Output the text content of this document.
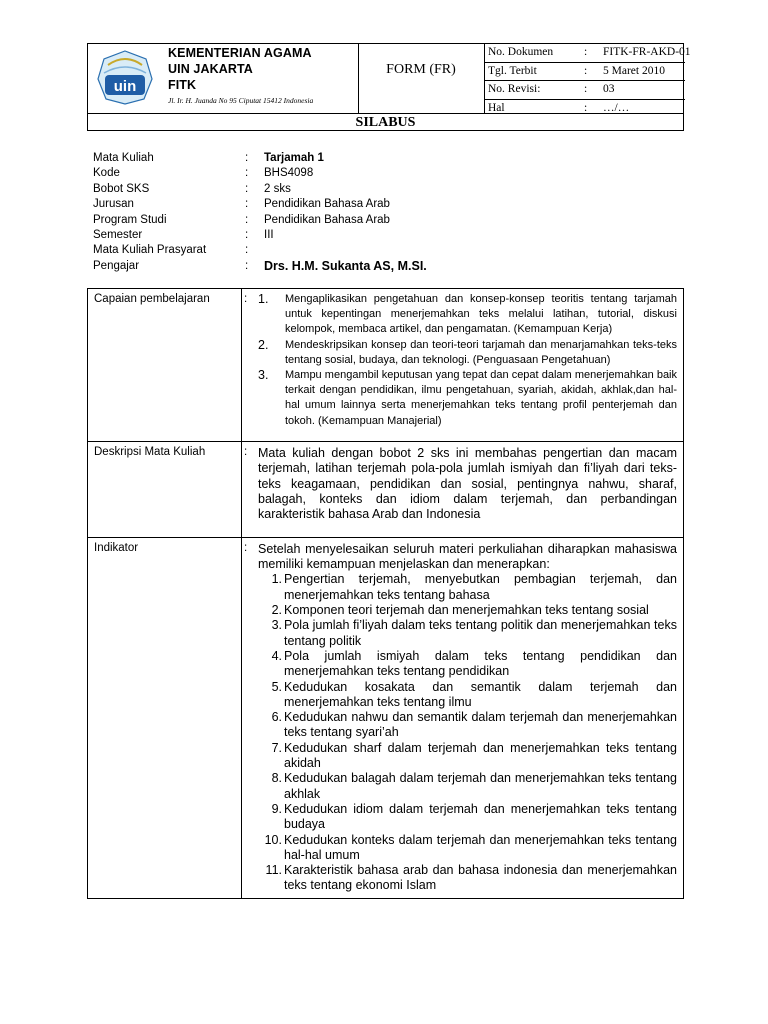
uin
KEMENTERIAN AGAMA
UIN JAKARTA
FITK
Jl. Ir. H. Juanda No 95 Ciputat 15412 Indonesia
FORM (FR)
No. Dokumen	: FITK-FR-AKD-01
Tgl. Terbit	: 5 Maret 2010
No. Revisi:	: 03
Hal	: …/…
SILABUS
Mata Kuliah	: Tarjamah 1
Kode	: BHS4098
Bobot SKS	: 2 sks
Jurusan	: Pendidikan Bahasa Arab
Program Studi	: Pendidikan Bahasa Arab
Semester	: III
Mata Kuliah Prasyarat	:
Pengajar	: Drs. H.M. Sukanta AS, M.SI.
Capaian pembelajaran	: 1. Mengaplikasikan pengetahuan dan konsep-konsep teoritis tentang tarjamah untuk kepentingan menerjemahkan teks melalui latihan, tutorial, diskusi kelompok, membaca artikel, dan pengamatan. (Kemampuan Kerja)
2. Mendeskripsikan konsep dan teori-teori tarjamah dan menarjamahkan teks-teks tentang sosial, budaya, dan teknologi. (Penguasaan Pengetahuan)
3. Mampu mengambil keputusan yang tepat dan cepat dalam menerjemahkan baik terkait dengan pendidikan, ilmu pengetahuan, syariah, akidah, akhlak,dan hal-hal umum lainnya serta menerjemahkan teks tentang profil penterjemah dan tokoh. (Kemampuan Manajerial)
Deskripsi Mata Kuliah	: Mata kuliah dengan bobot 2 sks ini membahas pengertian dan macam terjemah, latihan terjemah pola-pola jumlah ismiyah dan fi’liyah dari teks-teks keagamaan, pendidikan dan sosial, pentingnya nahwu, sharaf, balagah, konteks dan idiom dalam terjemah, dan perbandingan karakteristik bahasa Arab dan Indonesia
Indikator	: Setelah menyelesaikan seluruh materi perkuliahan diharapkan mahasiswa memiliki kemampuan menjelaskan dan menerapkan:
1. Pengertian terjemah, menyebutkan pembagian terjemah, dan menerjemahkan teks tentang bahasa
2. Komponen teori terjemah dan menerjemahkan teks tentang sosial
3. Pola jumlah fi’liyah dalam teks tentang politik dan menerjemahkan teks tentang politik
4. Pola jumlah ismiyah dalam teks tentang pendidikan dan menerjemahkan teks tentang pendidikan
5. Kedudukan kosakata dan semantik dalam terjemah dan menerjemahkan teks tentang ilmu
6. Kedudukan nahwu dan semantik dalam terjemah dan menerjemahkan teks tentang syari’ah
7. Kedudukan sharf dalam terjemah dan menerjemahkan teks tentang akidah
8. Kedudukan balagah dalam terjemah dan menerjemahkan teks tentang akhlak
9. Kedudukan idiom dalam terjemah dan menerjemahkan teks tentang budaya
10. Kedudukan konteks dalam terjemah dan menerjemahkan teks tentang hal-hal umum
11. Karakteristik bahasa arab dan bahasa indonesia dan menerjemahkan teks tentang ekonomi Islam
